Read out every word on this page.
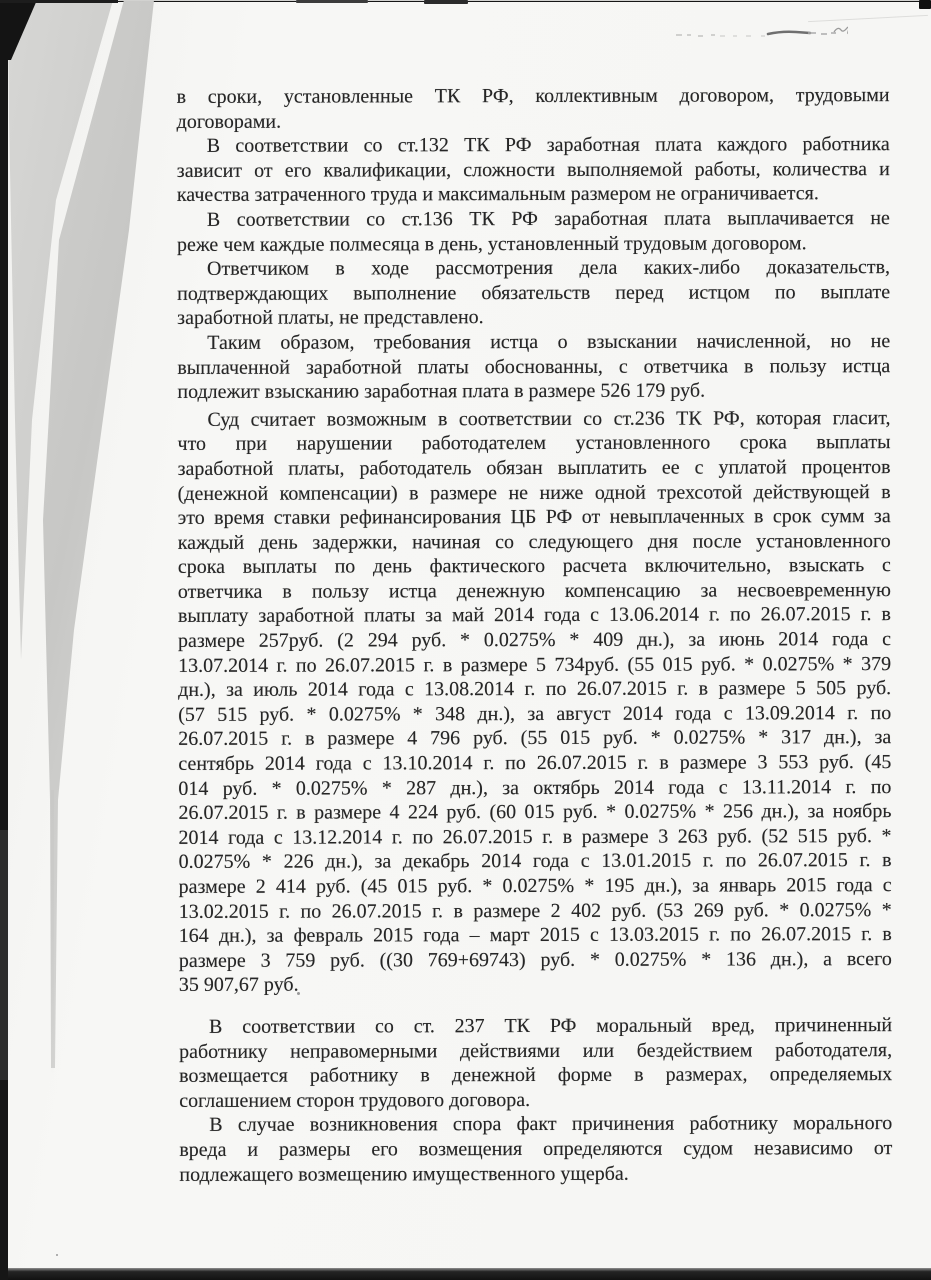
в сроки, установленные ТК РФ, коллективным договором, трудовыми
договорами.
В соответствии со ст.132 ТК РФ заработная плата каждого работника
зависит от его квалификации, сложности выполняемой работы, количества и
качества затраченного труда и максимальным размером не ограничивается.
В соответствии со ст.136 ТК РФ заработная плата выплачивается не
реже чем каждые полмесяца в день, установленный трудовым договором.
Ответчиком в ходе рассмотрения дела каких-либо доказательств,
подтверждающих выполнение обязательств перед истцом по выплате
заработной платы, не представлено.
Таким образом, требования истца о взыскании начисленной, но не
выплаченной заработной платы обоснованны, с ответчика в пользу истца
подлежит взысканию заработная плата в размере 526 179 руб.
Суд считает возможным в соответствии со ст.236 ТК РФ, которая гласит,
что при нарушении работодателем установленного срока выплаты
заработной платы, работодатель обязан выплатить ее с уплатой процентов
(денежной компенсации) в размере не ниже одной трехсотой действующей в
это время ставки рефинансирования ЦБ РФ от невыплаченных в срок сумм за
каждый день задержки, начиная со следующего дня после установленного
срока выплаты по день фактического расчета включительно, взыскать с
ответчика в пользу истца денежную компенсацию за несвоевременную
выплату заработной платы за май 2014 года с 13.06.2014 г. по 26.07.2015 г. в
размере 257руб. (2 294 руб. * 0.0275% * 409 дн.), за июнь 2014 года с
13.07.2014 г. по 26.07.2015 г. в размере 5 734руб. (55 015 руб. * 0.0275% * 379
дн.), за июль 2014 года с 13.08.2014 г. по 26.07.2015 г. в размере 5 505 руб.
(57 515 руб. * 0.0275% * 348 дн.), за август 2014 года с 13.09.2014 г. по
26.07.2015 г. в размере 4 796 руб. (55 015 руб. * 0.0275% * 317 дн.), за
сентябрь 2014 года с 13.10.2014 г. по 26.07.2015 г. в размере 3 553 руб. (45
014 руб. * 0.0275% * 287 дн.), за октябрь 2014 года с 13.11.2014 г. по
26.07.2015 г. в размере 4 224 руб. (60 015 руб. * 0.0275% * 256 дн.), за ноябрь
2014 года с 13.12.2014 г. по 26.07.2015 г. в размере 3 263 руб. (52 515 руб. *
0.0275% * 226 дн.), за декабрь 2014 года с 13.01.2015 г. по 26.07.2015 г. в
размере 2 414 руб. (45 015 руб. * 0.0275% * 195 дн.), за январь 2015 года с
13.02.2015 г. по 26.07.2015 г. в размере 2 402 руб. (53 269 руб. * 0.0275% *
164 дн.), за февраль 2015 года – март 2015 с 13.03.2015 г. по 26.07.2015 г. в
размере 3 759 руб. ((30 769+69743) руб. * 0.0275% * 136 дн.), а всего
35 907,67 руб.
В соответствии со ст. 237 ТК РФ моральный вред, причиненный
работнику неправомерными действиями или бездействием работодателя,
возмещается работнику в денежной форме в размерах, определяемых
соглашением сторон трудового договора.
В случае возникновения спора факт причинения работнику морального
вреда и размеры его возмещения определяются судом независимо от
подлежащего возмещению имущественного ущерба.
